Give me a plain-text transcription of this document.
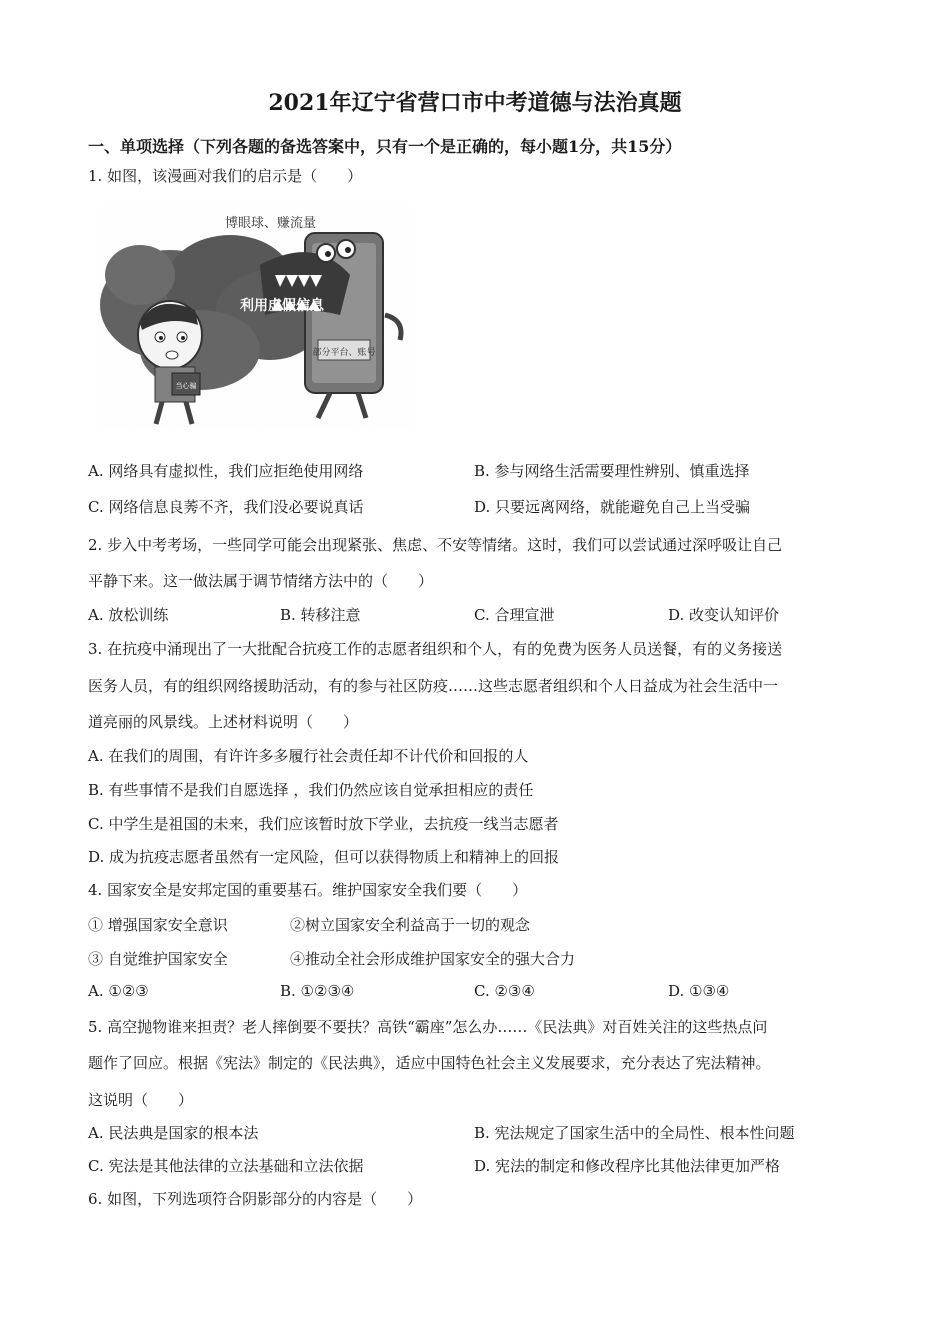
2021年辽宁省营口市中考道德与法治真题
一、单项选择（下列各题的备选答案中，只有一个是正确的，每小题1分，共15分）
1. 如图，该漫画对我们的启示是（　　）
部分平台、账号
利用虚假信息
当心骗
博眼球、赚流量
A. 网络具有虚拟性，我们应拒绝使用网络	B. 参与网络生活需要理性辨别、慎重选择
C. 网络信息良莠不齐，我们没必要说真话	D. 只要远离网络，就能避免自己上当受骗
2. 步入中考考场，一些同学可能会出现紧张、焦虑、不安等情绪。这时，我们可以尝试通过深呼吸让自己
平静下来。这一做法属于调节情绪方法中的（　　）
A. 放松训练	B. 转移注意	C. 合理宣泄	D. 改变认知评价
3. 在抗疫中涌现出了一大批配合抗疫工作的志愿者组织和个人，有的免费为医务人员送餐，有的义务接送
医务人员，有的组织网络援助活动，有的参与社区防疫……这些志愿者组织和个人日益成为社会生活中一
道亮丽的风景线。上述材料说明（　　）
A. 在我们的周围，有许许多多履行社会责任却不计代价和回报的人
B. 有些事情不是我们自愿选择 ，我们仍然应该自觉承担相应的责任
C. 中学生是祖国的未来，我们应该暂时放下学业，去抗疫一线当志愿者
D. 成为抗疫志愿者虽然有一定风险，但可以获得物质上和精神上的回报
4. 国家安全是安邦定国的重要基石。维护国家安全我们要（　　）
① 增强国家安全意识	②树立国家安全利益高于一切的观念
③ 自觉维护国家安全	④推动全社会形成维护国家安全的强大合力
A. ①②③	B. ①②③④	C. ②③④	D. ①③④
5. 高空抛物谁来担责？老人摔倒要不要扶？高铁“霸座”怎么办……《民法典》对百姓关注的这些热点问
题作了回应。根据《宪法》制定的《民法典》，适应中国特色社会主义发展要求，充分表达了宪法精神。
这说明（　　）
A. 民法典是国家的根本法	B. 宪法规定了国家生活中的全局性、根本性问题
C. 宪法是其他法律的立法基础和立法依据	D. 宪法的制定和修改程序比其他法律更加严格
6. 如图，下列选项符合阴影部分的内容是（　　）
